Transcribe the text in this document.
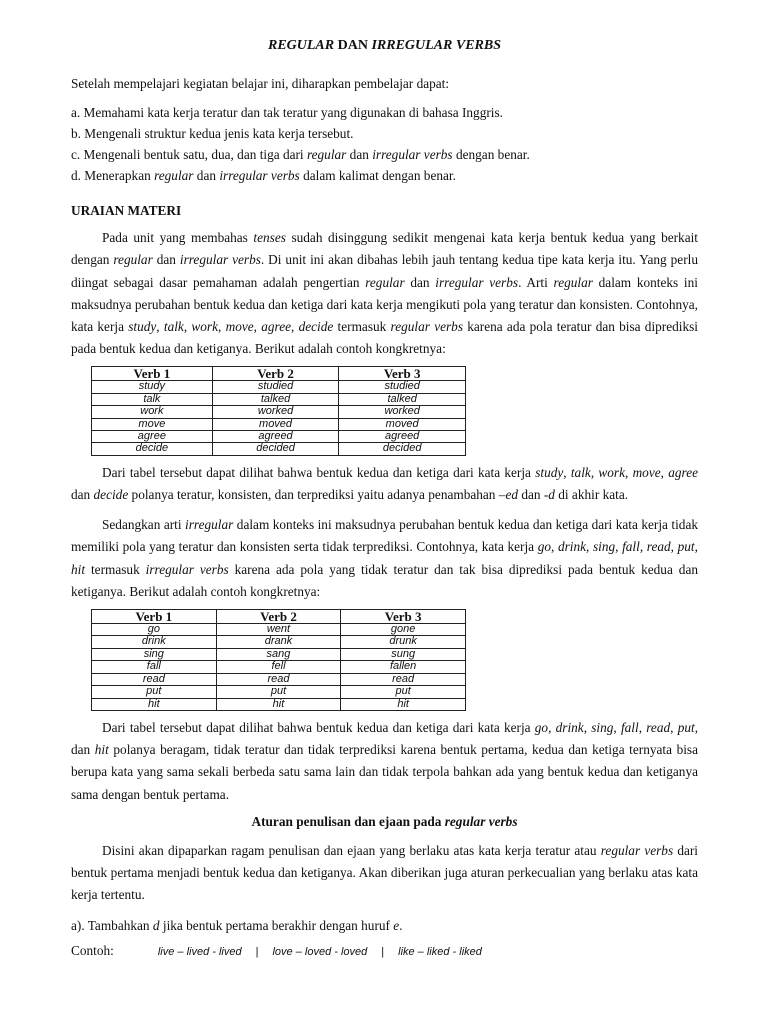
REGULAR DAN IRREGULAR VERBS

Setelah mempelajari kegiatan belajar ini, diharapkan pembelajar dapat:

a. Memahami kata kerja teratur dan tak teratur yang digunakan di bahasa Inggris.

b. Mengenali struktur kedua jenis kata kerja tersebut.

c. Mengenali bentuk satu, dua, dan tiga dari regular dan irregular verbs dengan benar.

d. Menerapkan regular dan irregular verbs dalam kalimat dengan benar.

URAIAN MATERI

Pada unit yang membahas tenses sudah disinggung sedikit mengenai kata kerja bentuk kedua yang berkait dengan regular dan irregular verbs. Di unit ini akan dibahas lebih jauh tentang kedua tipe kata kerja itu. Yang perlu diingat sebagai dasar pemahaman adalah pengertian regular dan irregular verbs. Arti regular dalam konteks ini maksudnya perubahan bentuk kedua dan ketiga dari kata kerja mengikuti pola yang teratur dan konsisten. Contohnya, kata kerja study, talk, work, move, agree, decide termasuk regular verbs karena ada pola teratur dan bisa diprediksi pada bentuk kedua dan ketiganya. Berikut adalah contoh kongkretnya:

Verb 1	Verb 2	Verb 3
study	studied	studied
talk	talked	talked
work	worked	worked
move	moved	moved
agree	agreed	agreed
decide	decided	decided

Dari tabel tersebut dapat dilihat bahwa bentuk kedua dan ketiga dari kata kerja study, talk, work, move, agree dan decide polanya teratur, konsisten, dan terprediksi yaitu adanya penambahan –ed dan -d di akhir kata.

Sedangkan arti irregular dalam konteks ini maksudnya perubahan bentuk kedua dan ketiga dari kata kerja tidak memiliki pola yang teratur dan konsisten serta tidak terprediksi. Contohnya, kata kerja go, drink, sing, fall, read, put, hit termasuk irregular verbs karena ada pola yang tidak teratur dan tak bisa diprediksi pada bentuk kedua dan ketiganya. Berikut adalah contoh kongkretnya:

Verb 1	Verb 2	Verb 3
go	went	gone
drink	drank	drunk
sing	sang	sung
fall	fell	fallen
read	read	read
put	put	put
hit	hit	hit

Dari tabel tersebut dapat dilihat bahwa bentuk kedua dan ketiga dari kata kerja go, drink, sing, fall, read, put, dan hit polanya beragam, tidak teratur dan tidak terprediksi karena bentuk pertama, kedua dan ketiga ternyata bisa berupa kata yang sama sekali berbeda satu sama lain dan tidak terpola bahkan ada yang bentuk kedua dan ketiganya sama dengan bentuk pertama.

Aturan penulisan dan ejaan pada regular verbs

Disini akan dipaparkan ragam penulisan dan ejaan yang berlaku atas kata kerja teratur atau regular verbs dari bentuk pertama menjadi bentuk kedua dan ketiganya. Akan diberikan juga aturan perkecualian yang berlaku atas kata kerja tertentu.

a). Tambahkan d jika bentuk pertama berakhir dengan huruf e.

Contoh:	live – lived - lived | love – loved - loved | like – liked - liked
